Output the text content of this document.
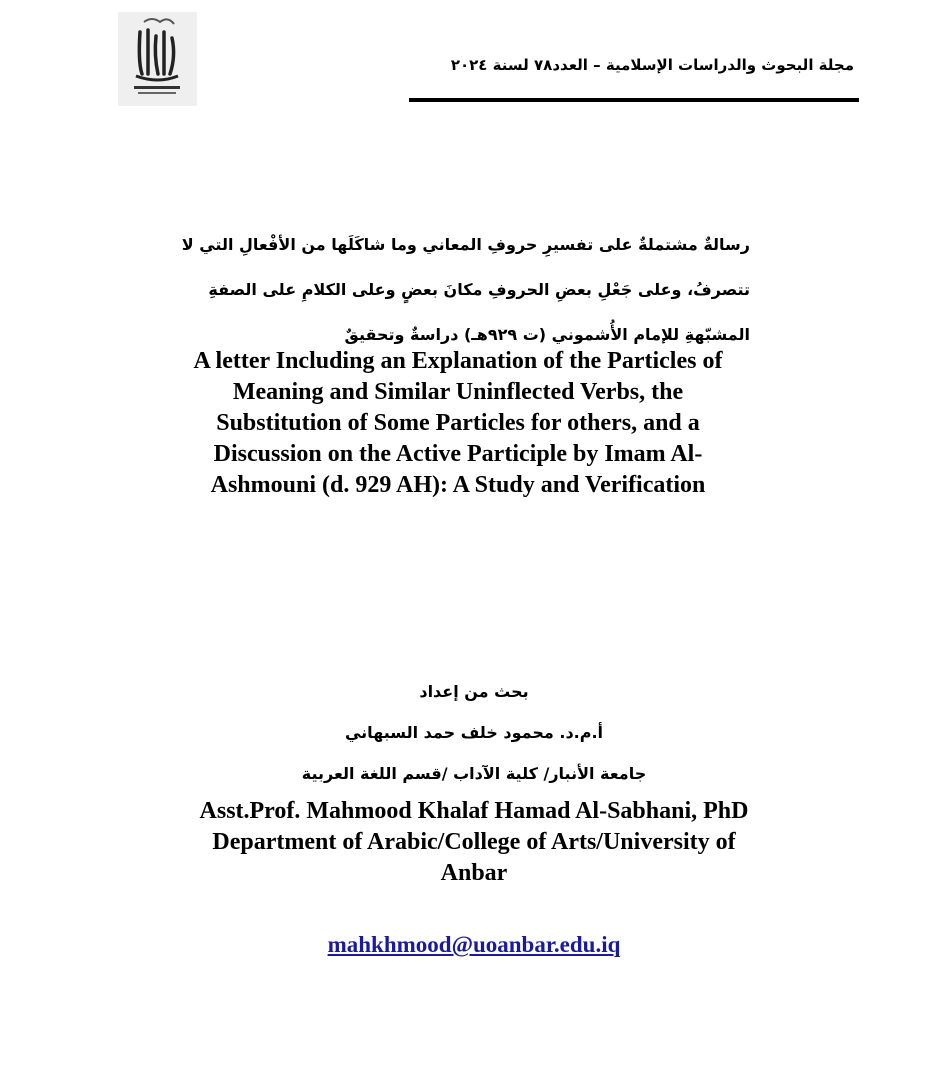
مجلة البحوث والدراسات الإسلامية – العدد٧٨ لسنة ٢٠٢٤
رسالةٌ مشتملةٌ على تفسيرِ حروفِ المعاني وما شاكَلَها من الأفْعالِ التي لا
تتصرفُ، وعلى جَعْلِ بعضِ الحروفِ مكانَ بعضٍ وعلى الكلامِ على الصفةِ
المشبّهةِ للإمام الأُشموني (ت ٩٢٩هـ) دراسةٌ وتحقيقٌ
A letter Including an Explanation of the Particles of
Meaning and Similar Uninflected Verbs, the
Substitution of Some Particles for others, and a
Discussion on the Active Participle by Imam Al-
Ashmouni (d. 929 AH): A Study and Verification
بحث من إعداد
أ.م.د. محمود خلف حمد السبهاني
جامعة الأنبار/ كلية الآداب /قسم اللغة العربية
Asst.Prof. Mahmood Khalaf Hamad Al-Sabhani, PhD
Department of Arabic/College of Arts/University of
Anbar
mahkhmood@uoanbar.edu.iq
